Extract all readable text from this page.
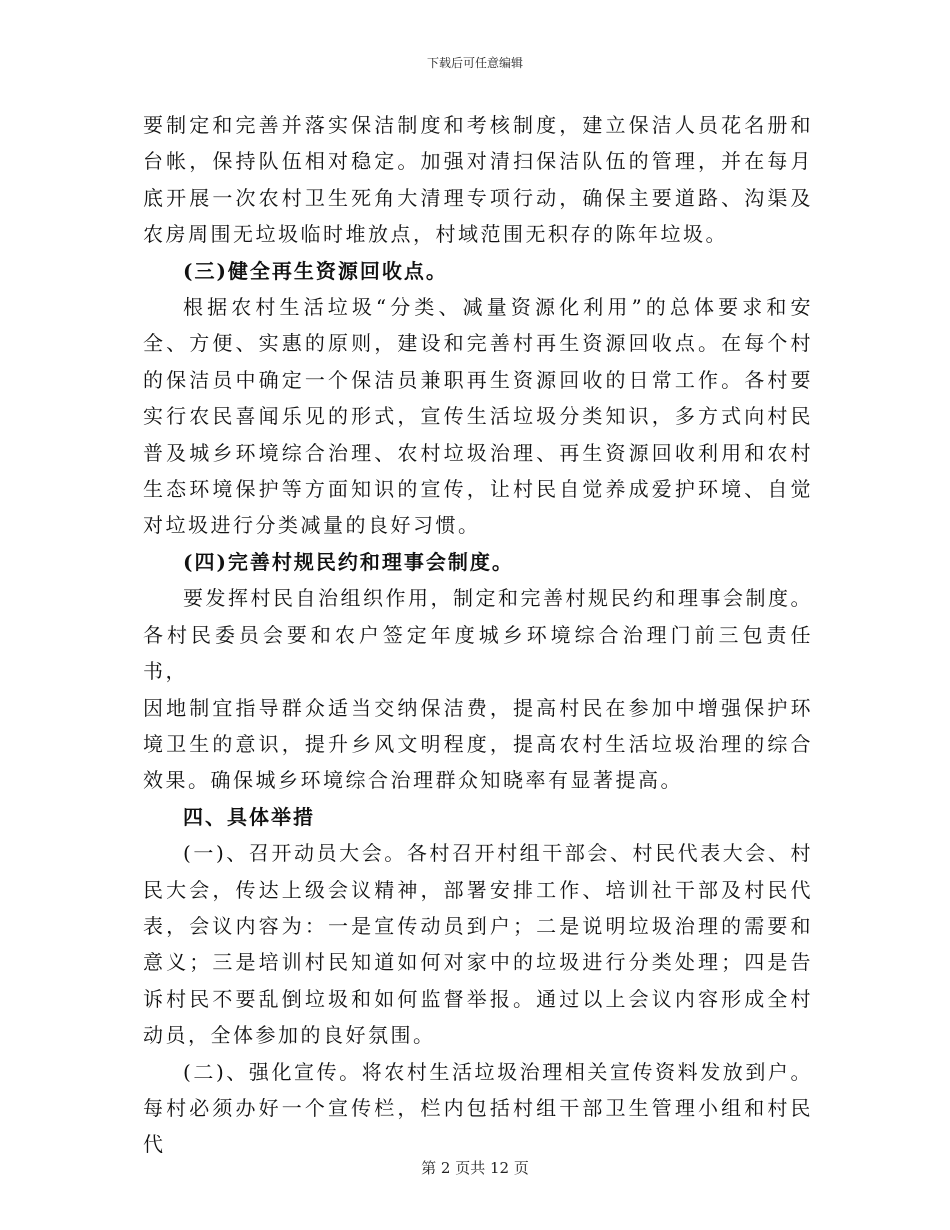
下载后可任意编辑

要制定和完善并落实保洁制度和考核制度，建立保洁人员花名册和台帐，保持队伍相对稳定。加强对清扫保洁队伍的管理，并在每月底开展一次农村卫生死角大清理专项行动，确保主要道路、沟渠及农房周围无垃圾临时堆放点，村域范围无积存的陈年垃圾。

(三)健全再生资源回收点。

根据农村生活垃圾“分类、减量资源化利用”的总体要求和安全、方便、实惠的原则，建设和完善村再生资源回收点。在每个村的保洁员中确定一个保洁员兼职再生资源回收的日常工作。各村要实行农民喜闻乐见的形式，宣传生活垃圾分类知识，多方式向村民普及城乡环境综合治理、农村垃圾治理、再生资源回收利用和农村生态环境保护等方面知识的宣传，让村民自觉养成爱护环境、自觉对垃圾进行分类减量的良好习惯。

(四)完善村规民约和理事会制度。

要发挥村民自治组织作用，制定和完善村规民约和理事会制度。

各村民委员会要和农户签定年度城乡环境综合治理门前三包责任书，

因地制宜指导群众适当交纳保洁费，提高村民在参加中增强保护环境卫生的意识，提升乡风文明程度，提高农村生活垃圾治理的综合效果。确保城乡环境综合治理群众知晓率有显著提高。

四、具体举措

(一)、召开动员大会。各村召开村组干部会、村民代表大会、村民大会，传达上级会议精神，部署安排工作、培训社干部及村民代表，会议内容为：一是宣传动员到户；二是说明垃圾治理的需要和意义；三是培训村民知道如何对家中的垃圾进行分类处理；四是告诉村民不要乱倒垃圾和如何监督举报。通过以上会议内容形成全村动员，全体参加的良好氛围。

(二)、强化宣传。将农村生活垃圾治理相关宣传资料发放到户。每村必须办好一个宣传栏，栏内包括村组干部卫生管理小组和村民代

第 2 页共 12 页
